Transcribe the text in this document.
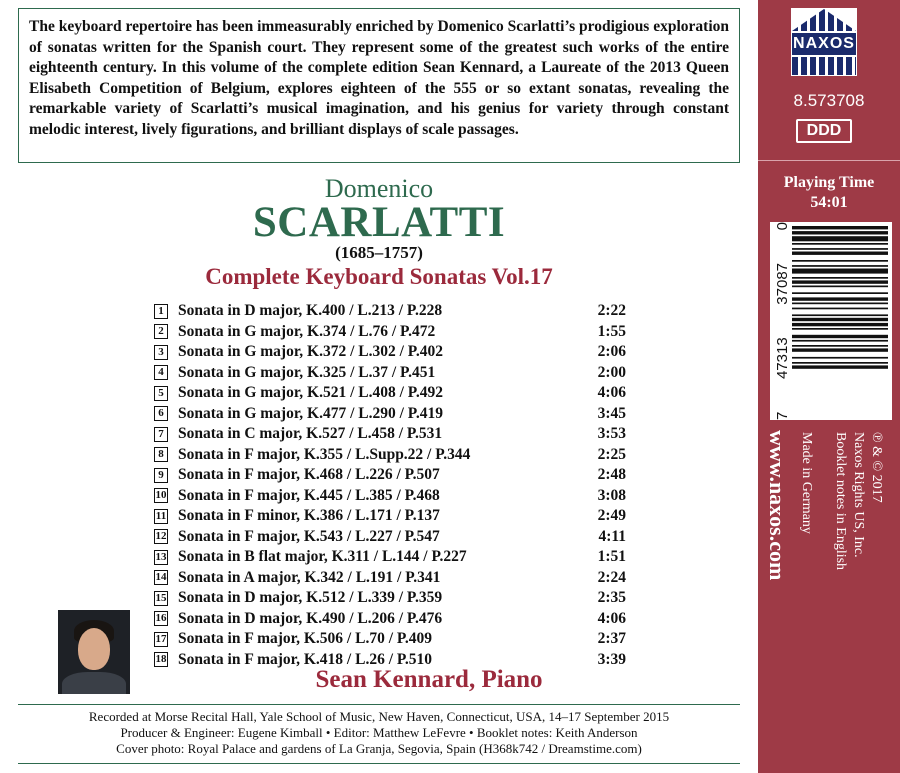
The keyboard repertoire has been immeasurably enriched by Domenico Scarlatti’s prodigious exploration of sonatas written for the Spanish court. They represent some of the greatest such works of the entire eighteenth century. In this volume of the complete edition Sean Kennard, a Laureate of the 2013 Queen Elisabeth Competition of Belgium, explores eighteen of the 555 or so extant sonatas, revealing the remarkable variety of Scarlatti’s musical imagination, and his genius for variety through constant melodic interest, lively figurations, and brilliant displays of scale passages.
Domenico
SCARLATTI
(1685–1757)
Complete Keyboard Sonatas Vol.17
1 Sonata in D major, K.400 / L.213 / P.228	2:22
2 Sonata in G major, K.374 / L.76 / P.472	1:55
3 Sonata in G major, K.372 / L.302 / P.402	2:06
4 Sonata in G major, K.325 / L.37 / P.451	2:00
5 Sonata in G major, K.521 / L.408 / P.492	4:06
6 Sonata in G major, K.477 / L.290 / P.419	3:45
7 Sonata in C major, K.527 / L.458 / P.531	3:53
8 Sonata in F major, K.355 / L.Supp.22 / P.344	2:25
9 Sonata in F major, K.468 / L.226 / P.507	2:48
10 Sonata in F major, K.445 / L.385 / P.468	3:08
11 Sonata in F minor, K.386 / L.171 / P.137	2:49
12 Sonata in F major, K.543 / L.227 / P.547	4:11
13 Sonata in B flat major, K.311 / L.144 / P.227	1:51
14 Sonata in A major, K.342 / L.191 / P.341	2:24
15 Sonata in D major, K.512 / L.339 / P.359	2:35
16 Sonata in D major, K.490 / L.206 / P.476	4:06
17 Sonata in F major, K.506 / L.70 / P.409	2:37
18 Sonata in F major, K.418 / L.26 / P.510	3:39
Sean Kennard, Piano
Recorded at Morse Recital Hall, Yale School of Music, New Haven, Connecticut, USA, 14–17 September 2015
Producer & Engineer: Eugene Kimball • Editor: Matthew LeFevre • Booklet notes: Keith Anderson
Cover photo: Royal Palace and gardens of La Granja, Segovia, Spain (H368k742 / Dreamstime.com)
NAXOS
8.573708
DDD
Playing Time
54:01
7
47313
37087
0
www.naxos.com Made in Germany Booklet notes in English Naxos Rights US, Inc. ℗ & © 2017
